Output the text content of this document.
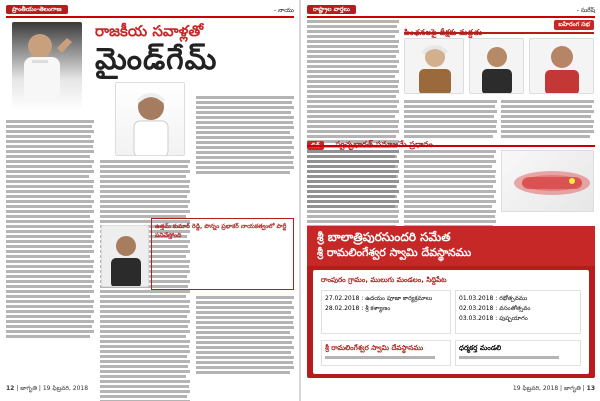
ప్రాంతీయం-తెలంగాణ	- నాయు
రాజకీయ సవాళ్లతో
మైండ్‌గేమ్
ఉత్తమ్ కుమార్ రెడ్డి, పొన్నం ప్రభాకర్ నాయకత్వంలో పార్టీ పనిచేస్తోంది
12 | జాగృతి | 19 ఫిబ్రవరి, 2018
రాష్ట్రాల వార్తలు	- సురేష్
పింఛనలపై దీక్షకు మద్దతు
బహిరంగ సభ
శ్రీ బాలాత్రిపురసుందరి సమేత
శ్రీ రామలింగేశ్వర స్వామి దేవస్థానము
రాంపురం గ్రామం, ములుగు మండలం, సిద్దిపేట
27.02.2018 : ఉదయం పూజా కార్యక్రమాలు
28.02.2018 : శ్రీ కళ్యాణం
01.03.2018 : రథోత్సవము
02.03.2018 : వసంతోత్సవం
03.03.2018 : పుష్పయాగం
శ్రీ రామలింగేశ్వర స్వామి దేవస్థానము	ధర్మకర్త మండలి
19 ఫిబ్రవరి, 2018 | జాగృతి | 13
